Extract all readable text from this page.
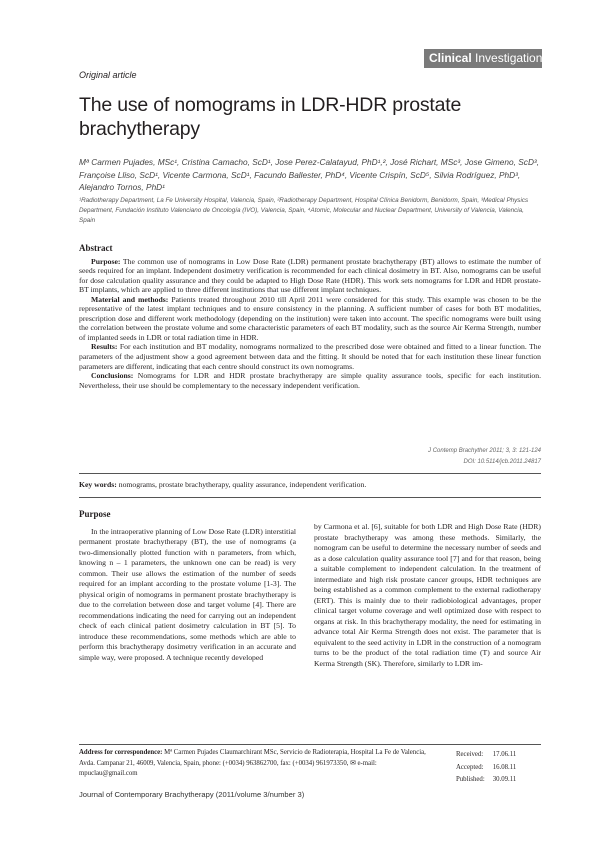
Clinical Investigations
Original article
The use of nomograms in LDR-HDR prostate brachytherapy
Mª Carmen Pujades, MSc¹, Cristina Camacho, ScD¹, Jose Perez-Calatayud, PhD¹,², José Richart, MSc³, Jose Gimeno, ScD³, Françoise Lliso, ScD¹, Vicente Carmona, ScD¹, Facundo Ballester, PhD⁴, Vicente Crispín, ScD⁵, Silvia Rodríguez, PhD³, Alejandro Tornos, PhD¹
¹Radiotherapy Department, La Fe University Hospital, Valencia, Spain, ²Radiotherapy Department, Hospital Clínica Benidorm, Benidorm, Spain, ³Medical Physics Department, Fundación Instituto Valenciano de Oncología (IVO), Valencia, Spain, ⁴Atomic, Molecular and Nuclear Department, University of Valencia, Valencia, Spain
Abstract

Purpose: The common use of nomograms in Low Dose Rate (LDR) permanent prostate brachytherapy (BT) allows to estimate the number of seeds required for an implant. Independent dosimetry verification is recommended for each clinical dosimetry in BT. Also, nomograms can be useful for dose calculation quality assurance and they could be adapted to High Dose Rate (HDR). This work sets nomograms for LDR and HDR prostate-BT implants, which are applied to three different institutions that use different implant techniques.

Material and methods: Patients treated throughout 2010 till April 2011 were considered for this study. This example was chosen to be the representative of the latest implant techniques and to ensure consistency in the planning. A sufficient number of cases for both BT modalities, prescription dose and different work methodology (depending on the institution) were taken into account. The specific nomograms were built using the correlation between the prostate volume and some characteristic parameters of each BT modality, such as the source Air Kerma Strength, number of implanted seeds in LDR or total radiation time in HDR.

Results: For each institution and BT modality, nomograms normalized to the prescribed dose were obtained and fitted to a linear function. The parameters of the adjustment show a good agreement between data and the fitting. It should be noted that for each institution these linear function parameters are different, indicating that each centre should construct its own nomograms.

Conclusions: Nomograms for LDR and HDR prostate brachytherapy are simple quality assurance tools, specific for each institution. Nevertheless, their use should be complementary to the necessary independent verification.

J Contemp Brachyther 2011; 3, 3: 121-124
DOI: 10.5114/jcb.2011.24817
Key words: nomograms, prostate brachytherapy, quality assurance, independent verification.
Purpose

In the intraoperative planning of Low Dose Rate (LDR) interstitial permanent prostate brachytherapy (BT), the use of nomograms (a two-dimensionally plotted function with n parameters, from which, knowing n – 1 parameters, the unknown one can be read) is very common. Their use allows the estimation of the number of seeds required for an implant according to the prostate volume [1-3]. The physical origin of nomograms in permanent prostate brachytherapy is due to the correlation between dose and target volume [4]. There are recommendations indicating the need for carrying out an independent check of each clinical patient dosimetry calculation in BT [5]. To introduce these recommendations, some methods which are able to perform this brachytherapy dosimetry verification in an accurate and simple way, were proposed. A technique recently developed

by Carmona et al. [6], suitable for both LDR and High Dose Rate (HDR) prostate brachytherapy was among these methods. Similarly, the nomogram can be useful to determine the necessary number of seeds and as a dose calculation quality assurance tool [7] and for that reason, being a suitable complement to independent calculation. In the treatment of intermediate and high risk prostate cancer groups, HDR techniques are being established as a common complement to the external radiotherapy (ERT). This is mainly due to their radiobiological advantages, proper clinical target volume coverage and well optimized dose with respect to organs at risk. In this brachytherapy modality, the need for estimating in advance total Air Kerma Strength does not exist. The parameter that is equivalent to the seed activity in LDR in the construction of a nomogram turns to be the product of the total radiation time (T) and source Air Kerma Strength (SK). Therefore, similarly to LDR im-

Address for correspondence: Mª Carmen Pujades Claumarchirant MSc, Servicio de Radioterapia, Hospital La Fe de Valencia, Avda. Campanar 21, 46009, Valencia, Spain, phone: (+0034) 963862700, fax: (+0034) 961973350, ✉ e-mail: mpuclau@gmail.com
Received:	17.06.11
Accepted:	16.08.11
Published:	30.09.11
Journal of Contemporary Brachytherapy (2011/volume 3/number 3)
